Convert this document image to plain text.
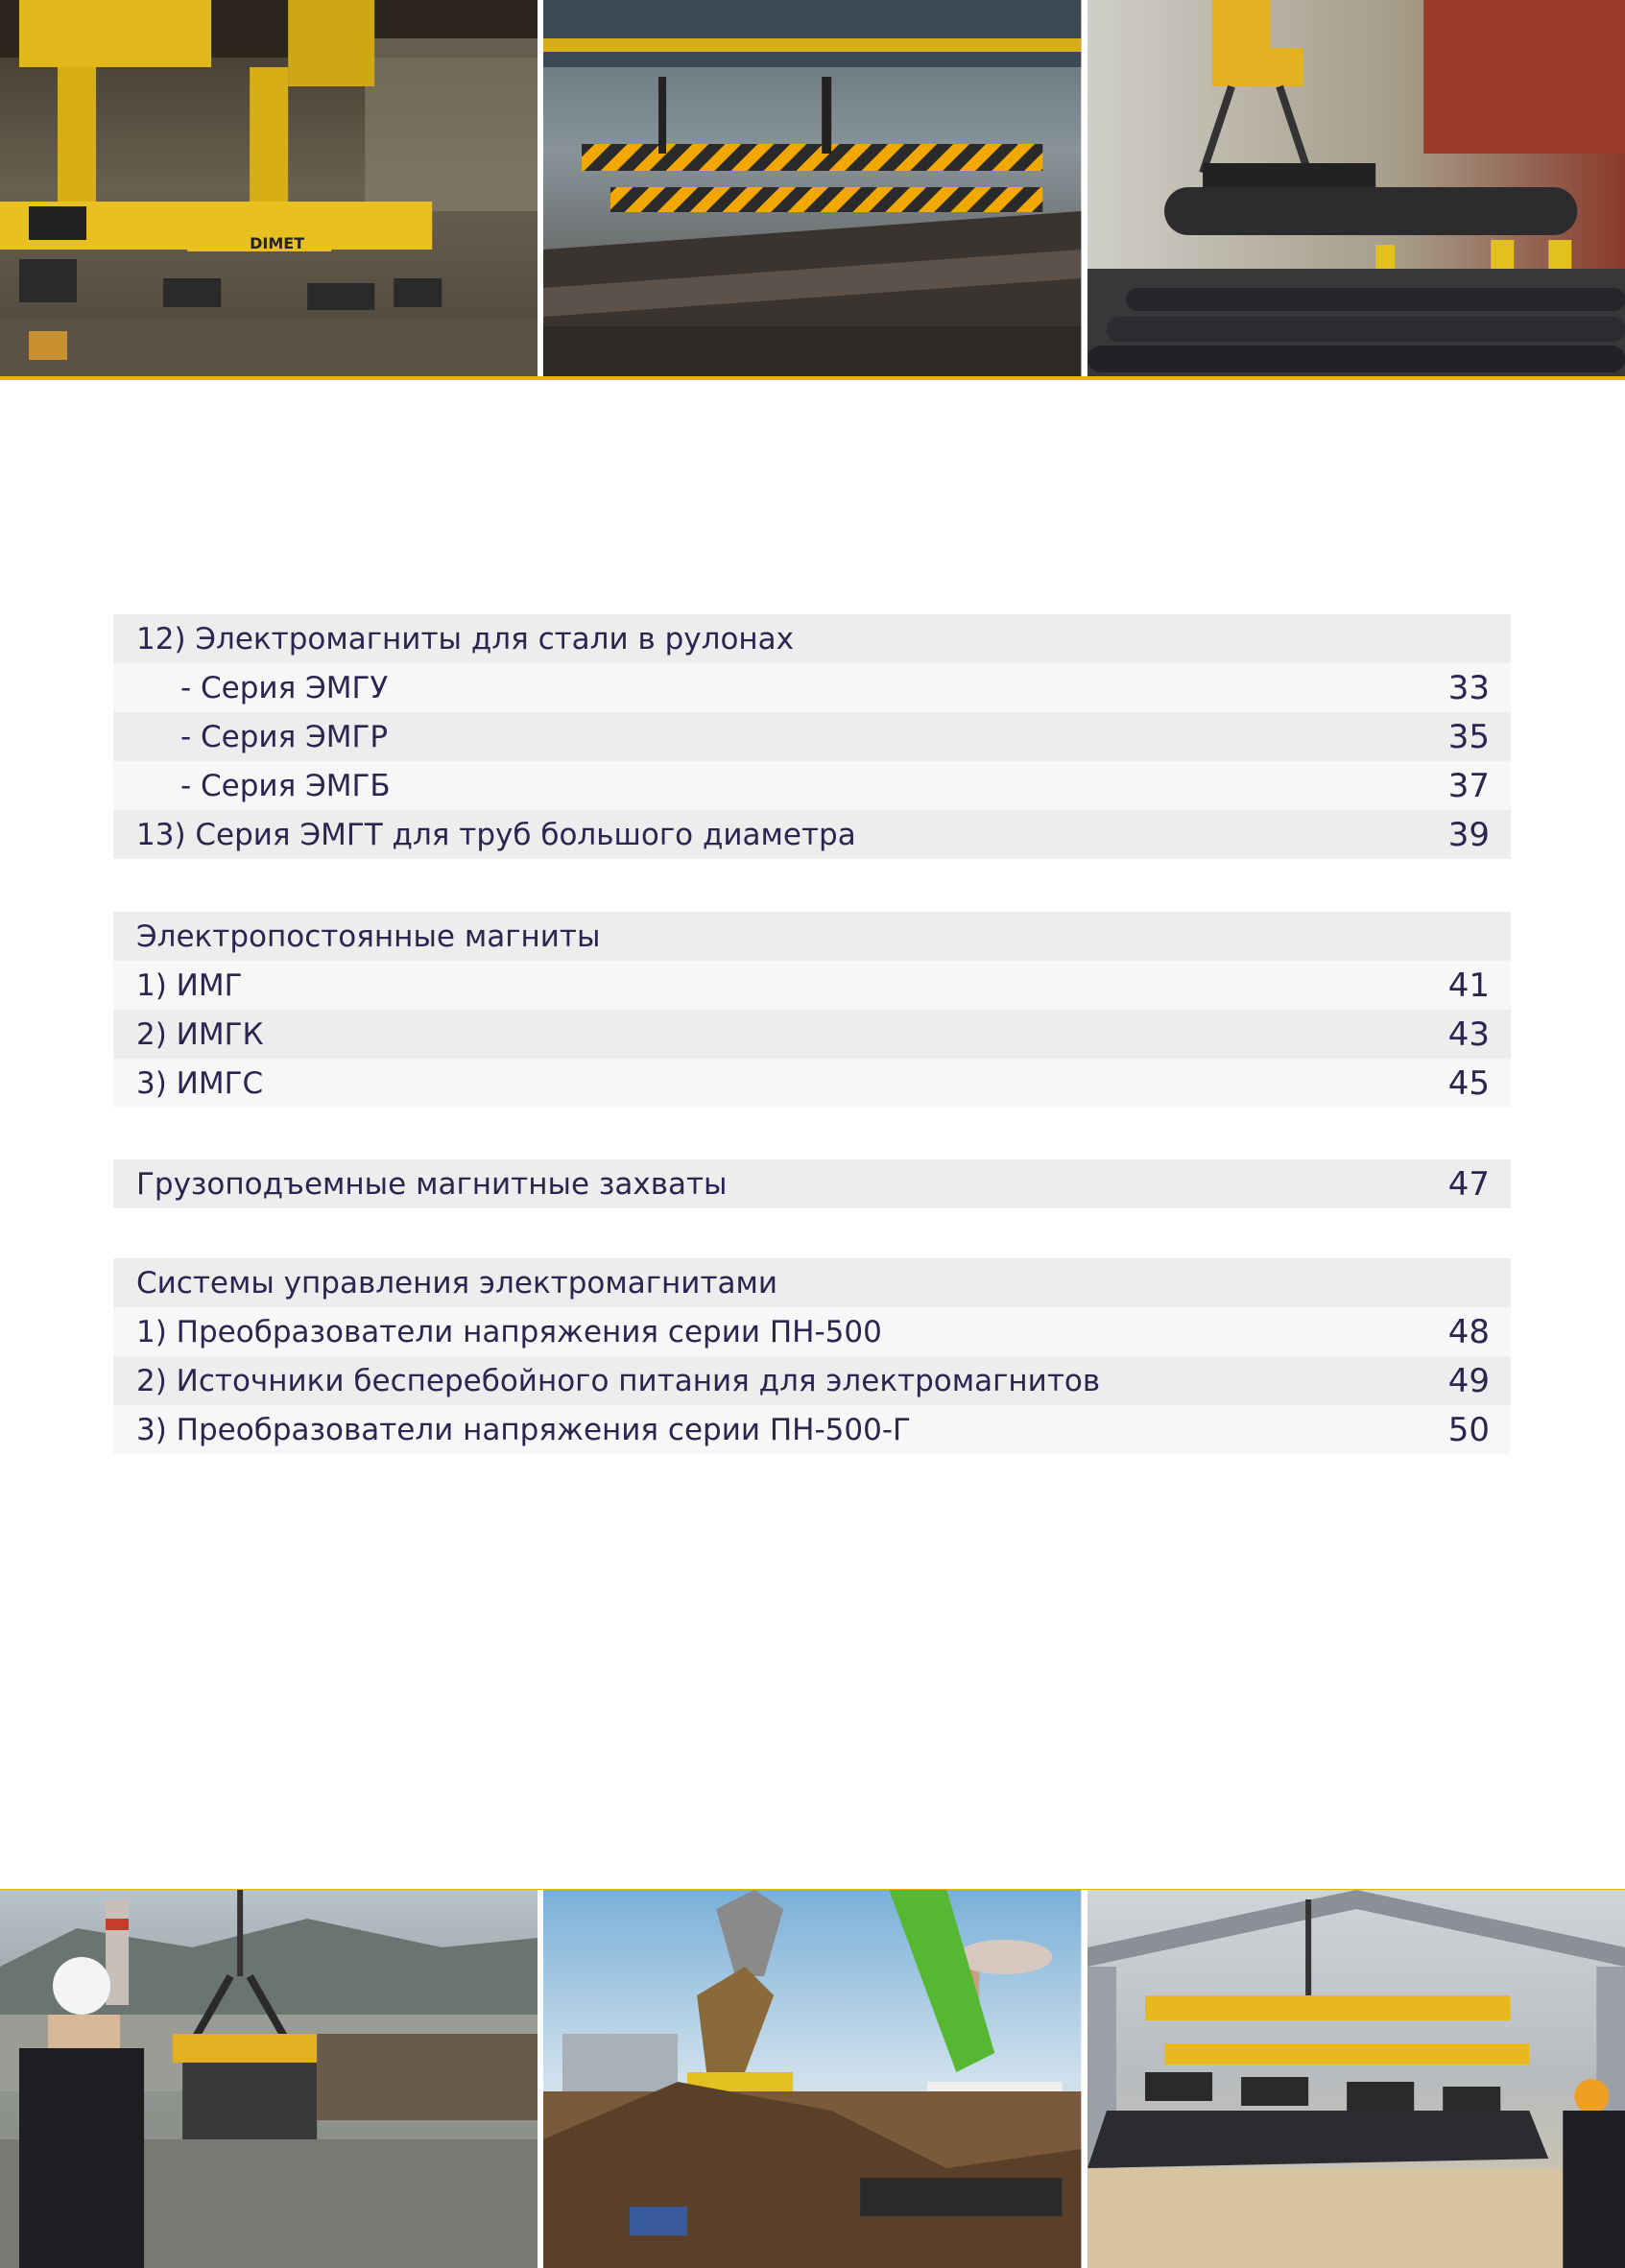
DIMET
12) Электромагниты для стали в рулонах
- Серия ЭМГУ	33
- Серия ЭМГР	35
- Серия ЭМГБ	37
13) Серия ЭМГТ для труб большого диаметра	39
Электропостоянные магниты
1) ИМГ	41
2) ИМГК	43
3) ИМГС	45
Грузоподъемные магнитные захваты	47
Системы управления электромагнитами
1) Преобразователи напряжения серии ПН-500	48
2) Источники бесперебойного питания для электромагнитов	49
3) Преобразователи напряжения серии ПН-500-Г	50
